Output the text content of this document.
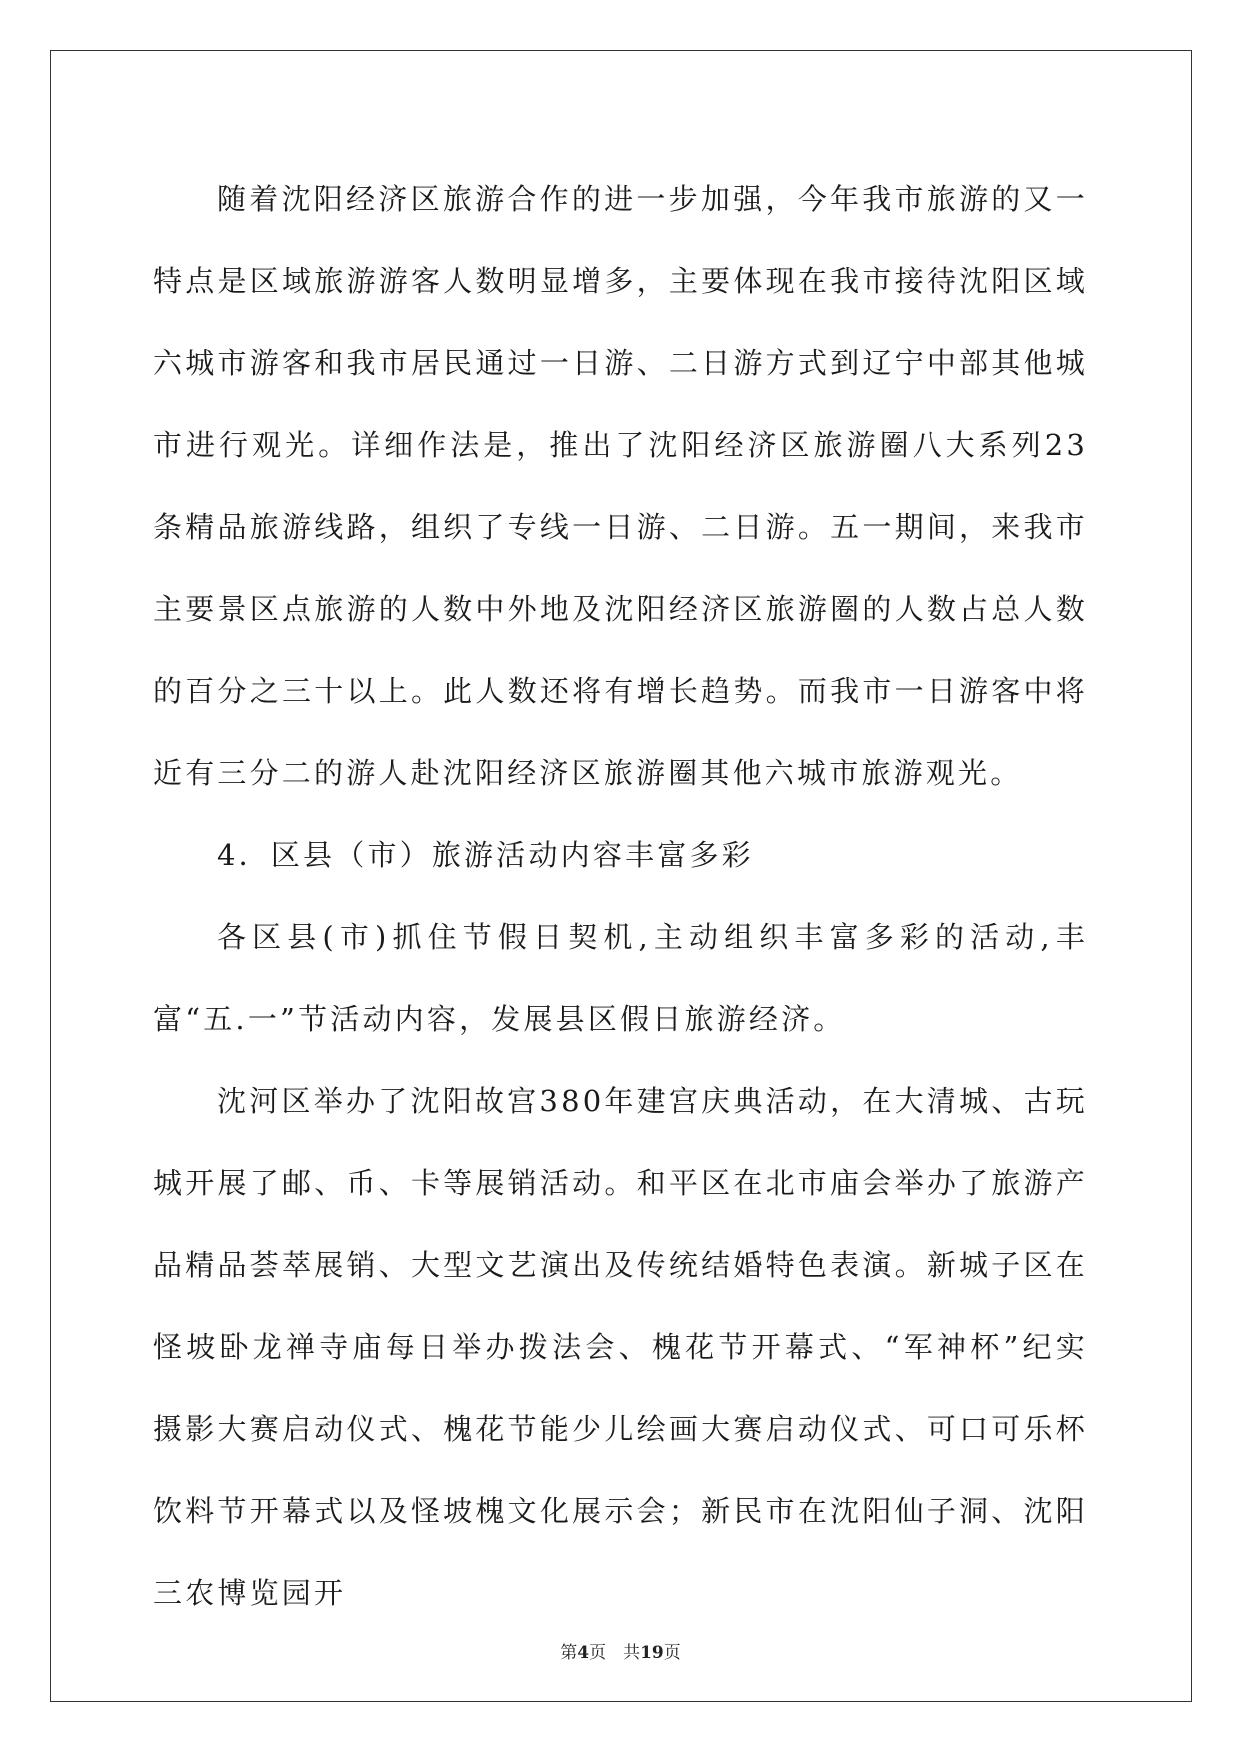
随着沈阳经济区旅游合作的进一步加强，今年我市旅游的又一特点是区域旅游游客人数明显增多，主要体现在我市接待沈阳区域六城市游客和我市居民通过一日游、二日游方式到辽宁中部其他城市进行观光。详细作法是，推出了沈阳经济区旅游圈八大系列23条精品旅游线路，组织了专线一日游、二日游。五一期间，来我市主要景区点旅游的人数中外地及沈阳经济区旅游圈的人数占总人数的百分之三十以上。此人数还将有增长趋势。而我市一日游客中将近有三分二的游人赴沈阳经济区旅游圈其他六城市旅游观光。

4．区县（市）旅游活动内容丰富多彩

各区县(市)抓住节假日契机,主动组织丰富多彩的活动,丰富“五.一”节活动内容，发展县区假日旅游经济。

沈河区举办了沈阳故宫380年建宫庆典活动，在大清城、古玩城开展了邮、币、卡等展销活动。和平区在北市庙会举办了旅游产品精品荟萃展销、大型文艺演出及传统结婚特色表演。新城子区在怪坡卧龙禅寺庙每日举办拨法会、槐花节开幕式、“军神杯”纪实摄影大赛启动仪式、槐花节能少儿绘画大赛启动仪式、可口可乐杯饮料节开幕式以及怪坡槐文化展示会；新民市在沈阳仙子洞、沈阳三农博览园开

第4页　共19页
